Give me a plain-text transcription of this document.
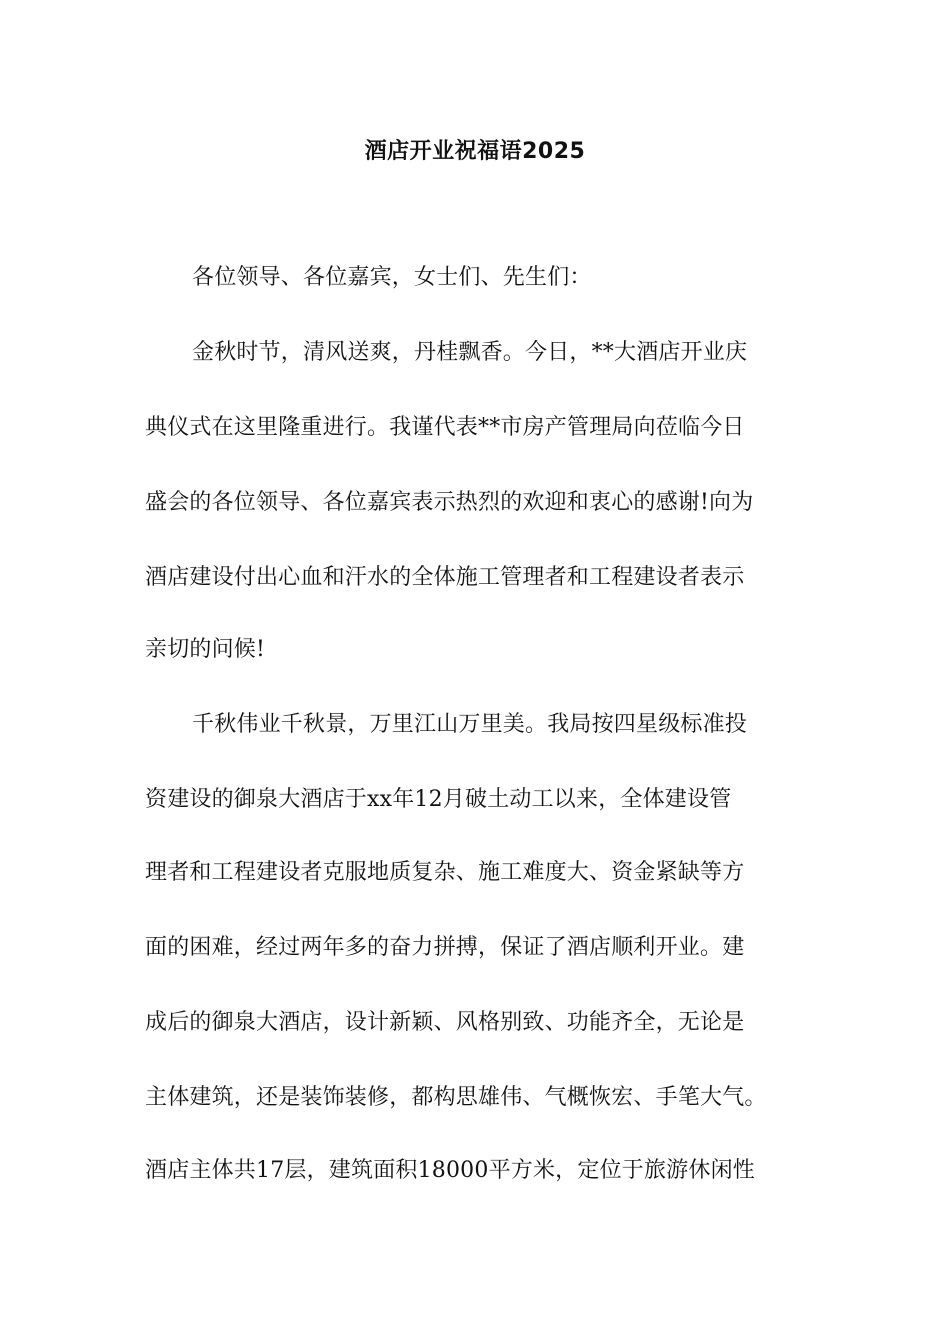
酒店开业祝福语2025
各位领导、各位嘉宾，女士们、先生们：
金秋时节，清风送爽，丹桂飘香。今日，**大酒店开业庆
典仪式在这里隆重进行。我谨代表**市房产管理局向莅临今日
盛会的各位领导、各位嘉宾表示热烈的欢迎和衷心的感谢!向为
酒店建设付出心血和汗水的全体施工管理者和工程建设者表示
亲切的问候!
千秋伟业千秋景，万里江山万里美。我局按四星级标准投
资建设的御泉大酒店于xx年12月破土动工以来，全体建设管
理者和工程建设者克服地质复杂、施工难度大、资金紧缺等方
面的困难，经过两年多的奋力拼搏，保证了酒店顺利开业。建
成后的御泉大酒店，设计新颖、风格别致、功能齐全，无论是
主体建筑，还是装饰装修，都构思雄伟、气概恢宏、手笔大气。
酒店主体共17层，建筑面积18000平方米，定位于旅游休闲性
